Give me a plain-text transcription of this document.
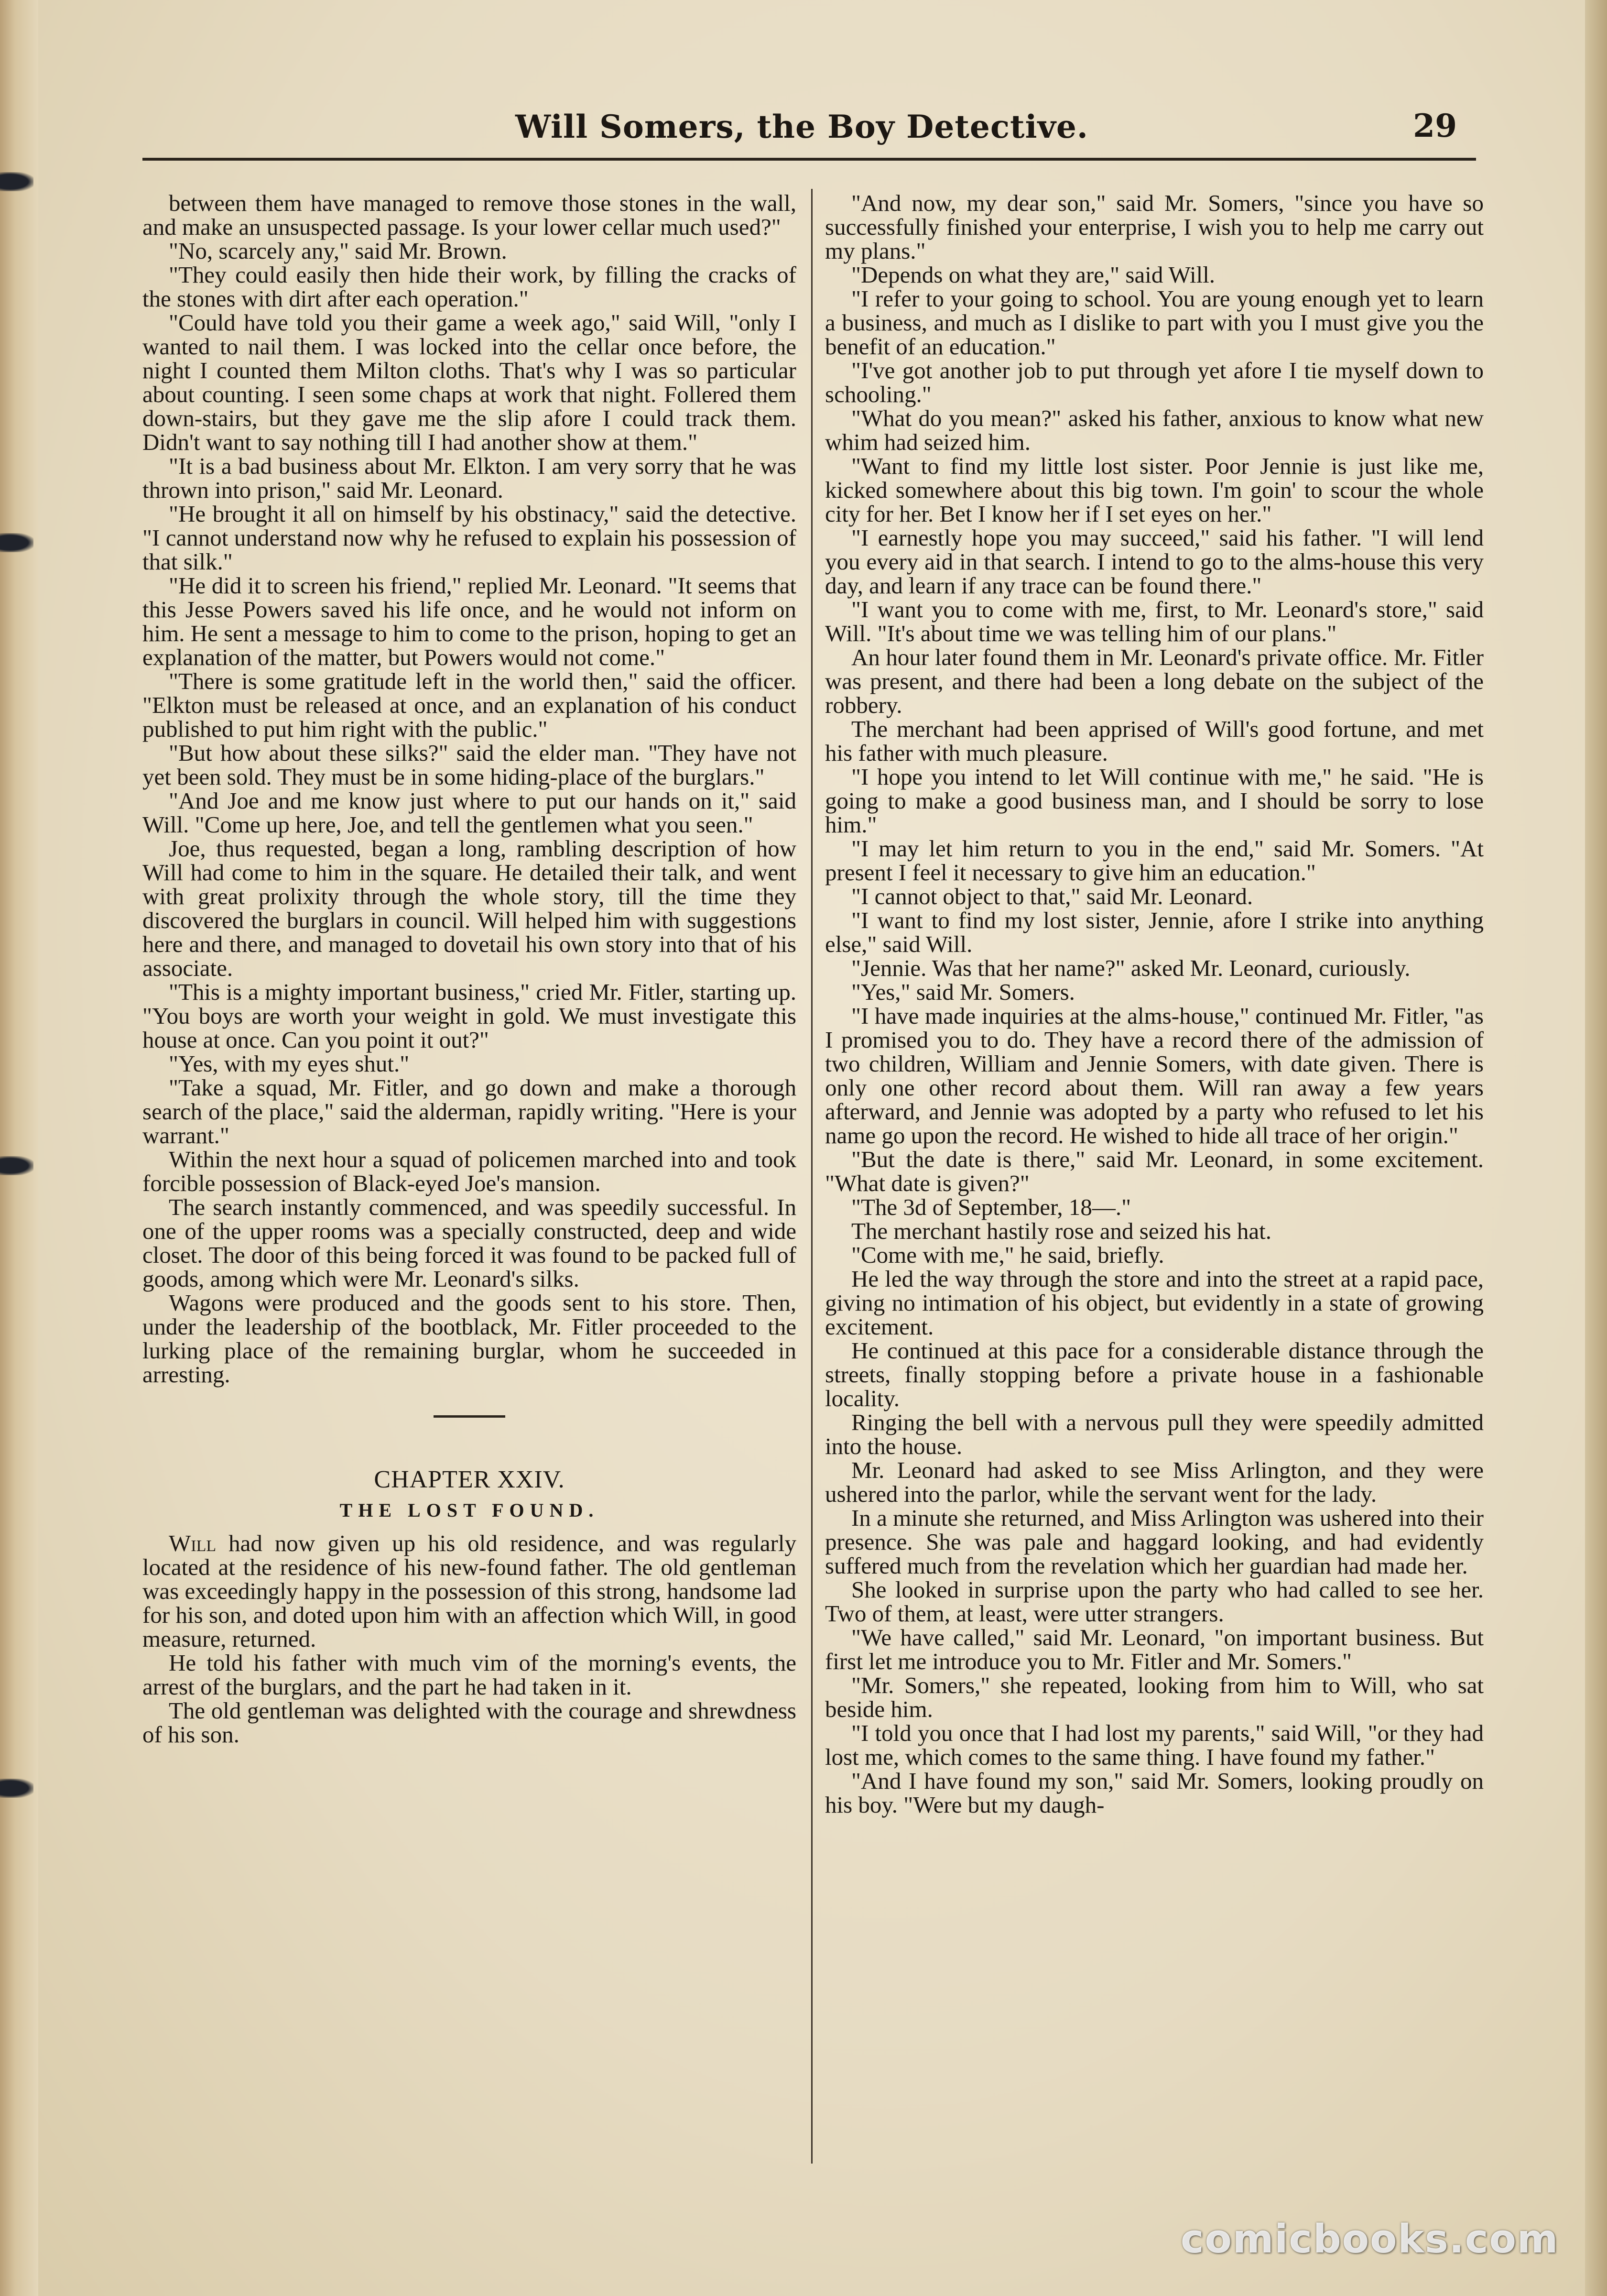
Will Somers, the Boy Detective.	29

between them have managed to remove those stones in the wall, and make an unsuspected passage. Is your lower cellar much used?"

"No, scarcely any," said Mr. Brown.

"They could easily then hide their work, by filling the cracks of the stones with dirt after each operation."

"Could have told you their game a week ago," said Will, "only I wanted to nail them. I was locked into the cellar once before, the night I counted them Milton cloths. That's why I was so particular about counting. I seen some chaps at work that night. Follered them down-stairs, but they gave me the slip afore I could track them. Didn't want to say nothing till I had another show at them."

"It is a bad business about Mr. Elkton. I am very sorry that he was thrown into prison," said Mr. Leonard.

"He brought it all on himself by his obstinacy," said the detective. "I cannot understand now why he refused to explain his possession of that silk."

"He did it to screen his friend," replied Mr. Leonard. "It seems that this Jesse Powers saved his life once, and he would not inform on him. He sent a message to him to come to the prison, hoping to get an explanation of the matter, but Powers would not come."

"There is some gratitude left in the world then," said the officer. "Elkton must be released at once, and an explanation of his conduct published to put him right with the public."

"But how about these silks?" said the elder man. "They have not yet been sold. They must be in some hiding-place of the burglars."

"And Joe and me know just where to put our hands on it," said Will. "Come up here, Joe, and tell the gentlemen what you seen."

Joe, thus requested, began a long, rambling description of how Will had come to him in the square. He detailed their talk, and went with great prolixity through the whole story, till the time they discovered the burglars in council. Will helped him with suggestions here and there, and managed to dovetail his own story into that of his associate.

"This is a mighty important business," cried Mr. Fitler, starting up. "You boys are worth your weight in gold. We must investigate this house at once. Can you point it out?"

"Yes, with my eyes shut."

"Take a squad, Mr. Fitler, and go down and make a thorough search of the place," said the alderman, rapidly writing. "Here is your warrant."

Within the next hour a squad of policemen marched into and took forcible possession of Black-eyed Joe's mansion.

The search instantly commenced, and was speedily successful. In one of the upper rooms was a specially constructed, deep and wide closet. The door of this being forced it was found to be packed full of goods, among which were Mr. Leonard's silks.

Wagons were produced and the goods sent to his store. Then, under the leadership of the bootblack, Mr. Fitler proceeded to the lurking place of the remaining burglar, whom he succeeded in arresting.

CHAPTER XXIV.

THE LOST FOUND.

Will had now given up his old residence, and was regularly located at the residence of his new-found father. The old gentleman was exceedingly happy in the possession of this strong, handsome lad for his son, and doted upon him with an affection which Will, in good measure, returned.

He told his father with much vim of the morning's events, the arrest of the burglars, and the part he had taken in it.

The old gentleman was delighted with the courage and shrewdness of his son.

"And now, my dear son," said Mr. Somers, "since you have so successfully finished your enterprise, I wish you to help me carry out my plans."

"Depends on what they are," said Will.

"I refer to your going to school. You are young enough yet to learn a business, and much as I dislike to part with you I must give you the benefit of an education."

"I've got another job to put through yet afore I tie myself down to schooling."

"What do you mean?" asked his father, anxious to know what new whim had seized him.

"Want to find my little lost sister. Poor Jennie is just like me, kicked somewhere about this big town. I'm goin' to scour the whole city for her. Bet I know her if I set eyes on her."

"I earnestly hope you may succeed," said his father. "I will lend you every aid in that search. I intend to go to the alms-house this very day, and learn if any trace can be found there."

"I want you to come with me, first, to Mr. Leonard's store," said Will. "It's about time we was telling him of our plans."

An hour later found them in Mr. Leonard's private office. Mr. Fitler was present, and there had been a long debate on the subject of the robbery.

The merchant had been apprised of Will's good fortune, and met his father with much pleasure.

"I hope you intend to let Will continue with me," he said. "He is going to make a good business man, and I should be sorry to lose him."

"I may let him return to you in the end," said Mr. Somers. "At present I feel it necessary to give him an education."

"I cannot object to that," said Mr. Leonard.

"I want to find my lost sister, Jennie, afore I strike into anything else," said Will.

"Jennie. Was that her name?" asked Mr. Leonard, curiously.

"Yes," said Mr. Somers.

"I have made inquiries at the alms-house," continued Mr. Fitler, "as I promised you to do. They have a record there of the admission of two children, William and Jennie Somers, with date given. There is only one other record about them. Will ran away a few years afterward, and Jennie was adopted by a party who refused to let his name go upon the record. He wished to hide all trace of her origin."

"But the date is there," said Mr. Leonard, in some excitement. "What date is given?"

"The 3d of September, 18—."

The merchant hastily rose and seized his hat.

"Come with me," he said, briefly.

He led the way through the store and into the street at a rapid pace, giving no intimation of his object, but evidently in a state of growing excitement.

He continued at this pace for a considerable distance through the streets, finally stopping before a private house in a fashionable locality.

Ringing the bell with a nervous pull they were speedily admitted into the house.

Mr. Leonard had asked to see Miss Arlington, and they were ushered into the parlor, while the servant went for the lady.

In a minute she returned, and Miss Arlington was ushered into their presence. She was pale and haggard looking, and had evidently suffered much from the revelation which her guardian had made her.

She looked in surprise upon the party who had called to see her. Two of them, at least, were utter strangers.

"We have called," said Mr. Leonard, "on important business. But first let me introduce you to Mr. Fitler and Mr. Somers."

"Mr. Somers," she repeated, looking from him to Will, who sat beside him.

"I told you once that I had lost my parents," said Will, "or they had lost me, which comes to the same thing. I have found my father."

"And I have found my son," said Mr. Somers, looking proudly on his boy. "Were but my daugh-

comicbooks.com
